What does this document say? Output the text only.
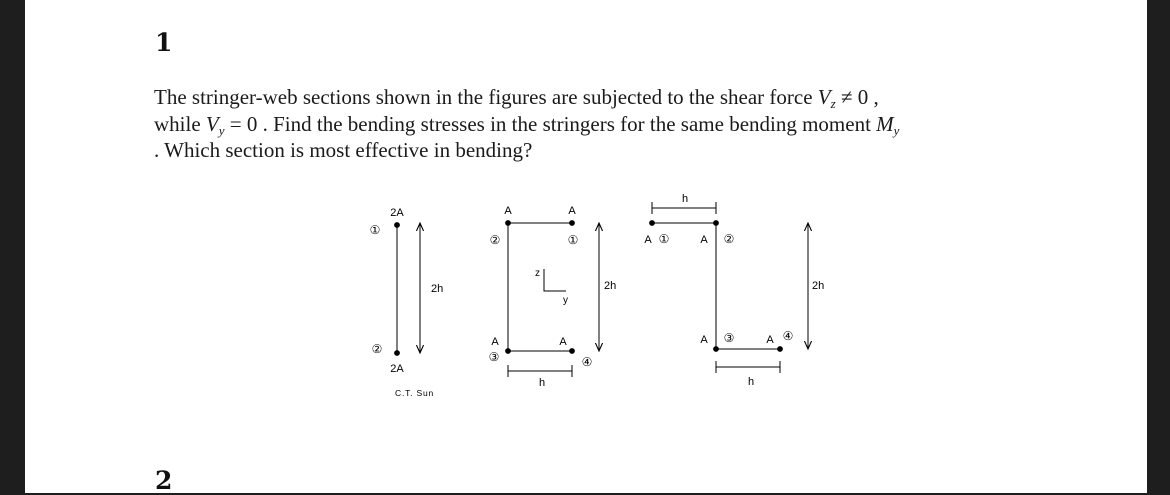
1
The stringer-web sections shown in the figures are subjected to the shear force $V_z \ne 0$ ,
while $V_y = 0$ . Find the bending stresses in the stringers for the same bending moment $M_y$
. Which section is most effective in bending?
2A
①
②
2A
2h
C.T. Sun
A	A
②	①
A
③
A
④
z
y
2h
h
h
A ①	A ②
A ③	A ④
h
2h
2
